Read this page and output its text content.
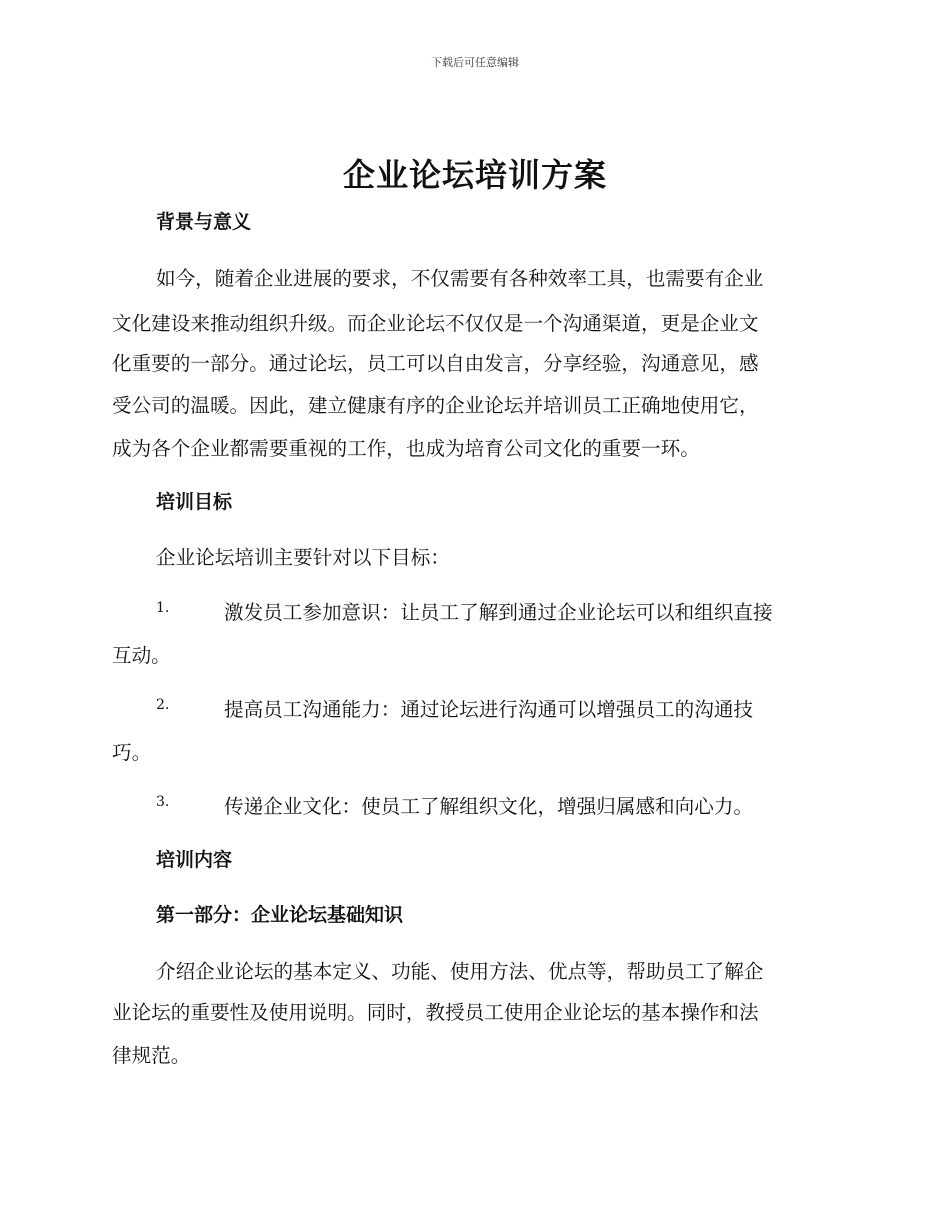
下载后可任意编辑
企业论坛培训方案
背景与意义
如今，随着企业进展的要求，不仅需要有各种效率工具，也需要有企业
文化建设来推动组织升级。而企业论坛不仅仅是一个沟通渠道，更是企业文
化重要的一部分。通过论坛，员工可以自由发言，分享经验，沟通意见，感
受公司的温暖。因此，建立健康有序的企业论坛并培训员工正确地使用它，
成为各个企业都需要重视的工作，也成为培育公司文化的重要一环。
培训目标
企业论坛培训主要针对以下目标：
1.	激发员工参加意识：让员工了解到通过企业论坛可以和组织直接
互动。
2.	提高员工沟通能力：通过论坛进行沟通可以增强员工的沟通技
巧。
3.	传递企业文化：使员工了解组织文化，增强归属感和向心力。
培训内容
第一部分：企业论坛基础知识
介绍企业论坛的基本定义、功能、使用方法、优点等，帮助员工了解企
业论坛的重要性及使用说明。同时，教授员工使用企业论坛的基本操作和法
律规范。
